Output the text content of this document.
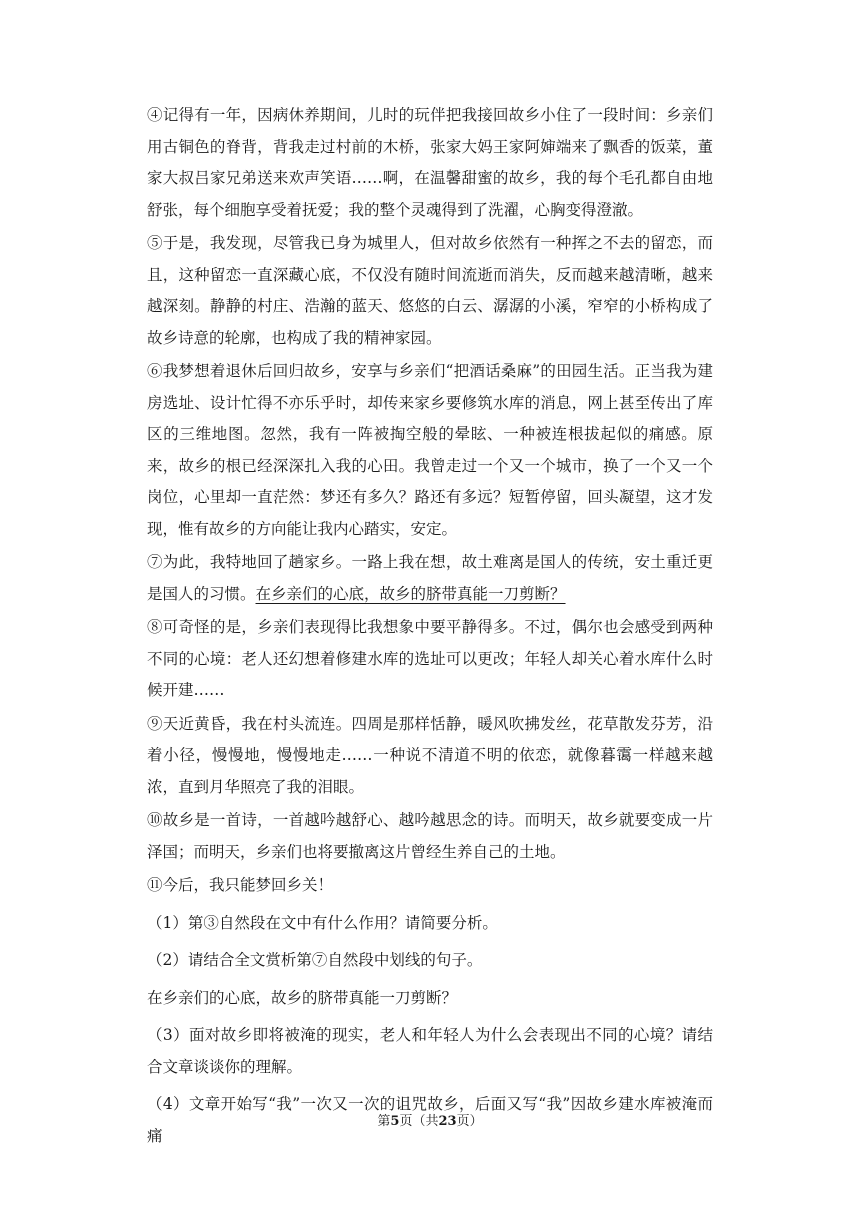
④记得有一年，因病休养期间，儿时的玩伴把我接回故乡小住了一段时间：乡亲们用古铜色的脊背，背我走过村前的木桥，张家大妈王家阿婶端来了飘香的饭菜，董家大叔吕家兄弟送来欢声笑语……啊，在温馨甜蜜的故乡，我的每个毛孔都自由地舒张，每个细胞享受着抚爱；我的整个灵魂得到了洗濯，心胸变得澄澈。

⑤于是，我发现，尽管我已身为城里人，但对故乡依然有一种挥之不去的留恋，而且，这种留恋一直深藏心底，不仅没有随时间流逝而消失，反而越来越清晰，越来越深刻。静静的村庄、浩瀚的蓝天、悠悠的白云、潺潺的小溪，窄窄的小桥构成了故乡诗意的轮廓，也构成了我的精神家园。

⑥我梦想着退休后回归故乡，安享与乡亲们“把酒话桑麻”的田园生活。正当我为建房选址、设计忙得不亦乐乎时，却传来家乡要修筑水库的消息，网上甚至传出了库区的三维地图。忽然，我有一阵被掏空般的晕眩、一种被连根拔起似的痛感。原来，故乡的根已经深深扎入我的心田。我曾走过一个又一个城市，换了一个又一个岗位，心里却一直茫然：梦还有多久？路还有多远？短暂停留，回头凝望，这才发现，惟有故乡的方向能让我内心踏实，安定。

⑦为此，我特地回了趟家乡。一路上我在想，故土难离是国人的传统，安土重迁更是国人的习惯。在乡亲们的心底，故乡的脐带真能一刀剪断？

⑧可奇怪的是，乡亲们表现得比我想象中要平静得多。不过，偶尔也会感受到两种不同的心境：老人还幻想着修建水库的选址可以更改；年轻人却关心着水库什么时候开建……

⑨天近黄昏，我在村头流连。四周是那样恬静，暖风吹拂发丝，花草散发芬芳，沿着小径，慢慢地，慢慢地走……一种说不清道不明的依恋，就像暮霭一样越来越浓，直到月华照亮了我的泪眼。

⑩故乡是一首诗，一首越吟越舒心、越吟越思念的诗。而明天，故乡就要变成一片泽国；而明天，乡亲们也将要撤离这片曾经生养自己的土地。

⑪今后，我只能梦回乡关！

（1）第③自然段在文中有什么作用？请简要分析。

（2）请结合全文赏析第⑦自然段中划线的句子。

在乡亲们的心底，故乡的脐带真能一刀剪断？

（3）面对故乡即将被淹的现实，老人和年轻人为什么会表现出不同的心境？请结合文章谈谈你的理解。

（4）文章开始写“我”一次又一次的诅咒故乡，后面又写“我”因故乡建水库被淹而痛

第5页（共23页）
